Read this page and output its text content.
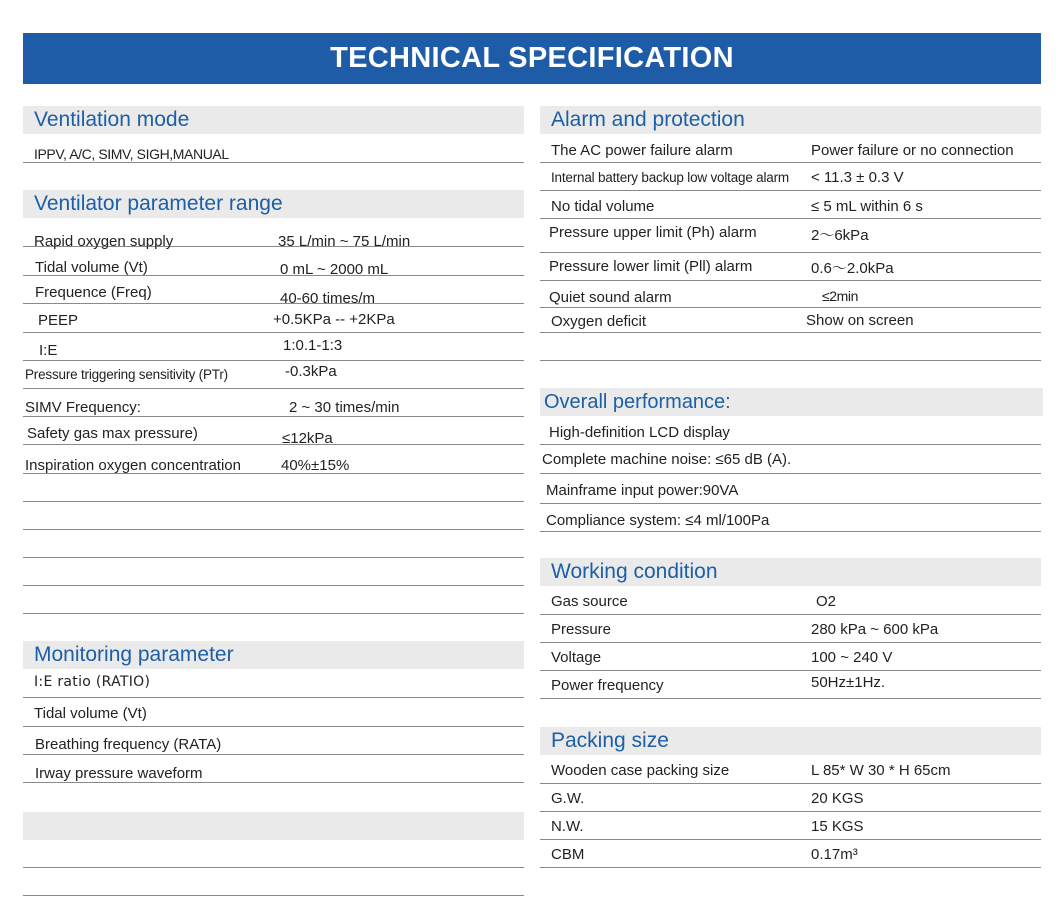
TECHNICAL SPECIFICATION
Ventilation mode
IPPV, A/C, SIMV, SIGH,MANUAL
Ventilator parameter range
Rapid oxygen supply	35 L/min ~ 75 L/min
Tidal volume (Vt)	0 mL ~ 2000 mL
Frequence (Freq)	40-60 times/m
PEEP	+0.5KPa -- +2KPa
I:E	1:0.1-1:3
Pressure triggering sensitivity (PTr)	-0.3kPa
SIMV Frequency:	2 ~ 30 times/min
Safety gas max pressure)	≤12kPa
Inspiration oxygen concentration	40%±15%
Monitoring parameter
I:E ratio (RATIO)
Tidal volume (Vt)
Breathing frequency (RATA)
Irway pressure waveform
Alarm and protection
The AC power failure alarm	Power failure or no connection
Internal battery backup low voltage alarm < 11.3 ± 0.3 V
No tidal volume	≤ 5 mL within 6 s
Pressure upper limit (Ph) alarm	2～6kPa
Pressure lower limit (Pll) alarm	0.6～2.0kPa
Quiet sound alarm	≤2min
Oxygen deficit	Show on screen
Overall performance:
High-definition LCD display
Complete machine noise: ≤65 dB (A).
Mainframe input power:90VA
Compliance system: ≤4 ml/100Pa
Working condition
Gas source	O2
Pressure	280 kPa ~ 600 kPa
Voltage	100 ~ 240 V
Power frequency	50Hz±1Hz.
Packing size
Wooden case packing size	L 85* W 30 * H 65cm
G.W.	20 KGS
N.W.	15 KGS
CBM	0.17m³
